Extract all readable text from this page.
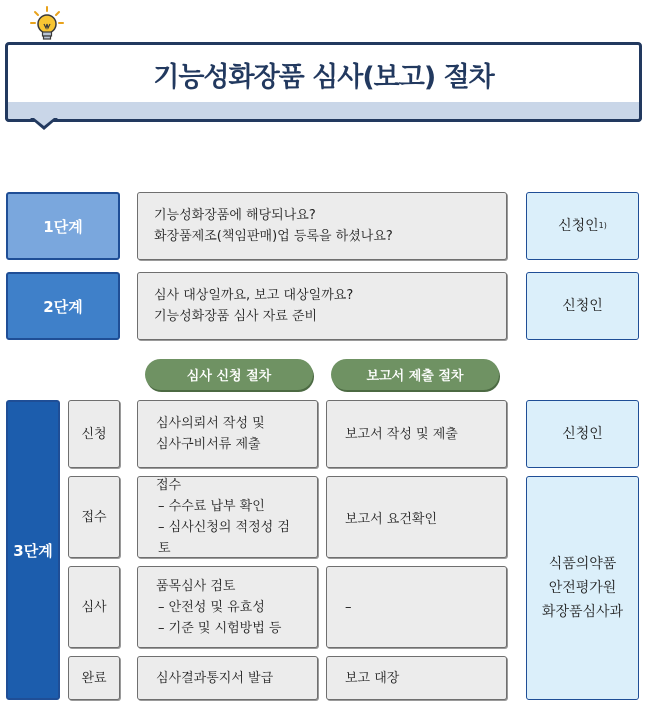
기능성화장품 심사(보고) 절차
1단계
기능성화장품에 해당되나요?
화장품제조(책임판매)업 등록을 하셨나요?
신청인 1)
2단계
심사 대상일까요, 보고 대상일까요?
기능성화장품 심사 자료 준비
신청인
심사 신청 절차	보고서 제출 절차
3단계
신청
접수
심사
완료
심사의뢰서 작성 및
심사구비서류 제출
보고서 작성 및 제출
접수
– 수수료 납부 확인
– 심사신청의 적정성 검토
보고서 요건확인
품목심사 검토
– 안전성 및 유효성
– 기준 및 시험방법 등
–
심사결과통지서 발급	보고 대장
신청인
식품의약품
안전평가원
화장품심사과
